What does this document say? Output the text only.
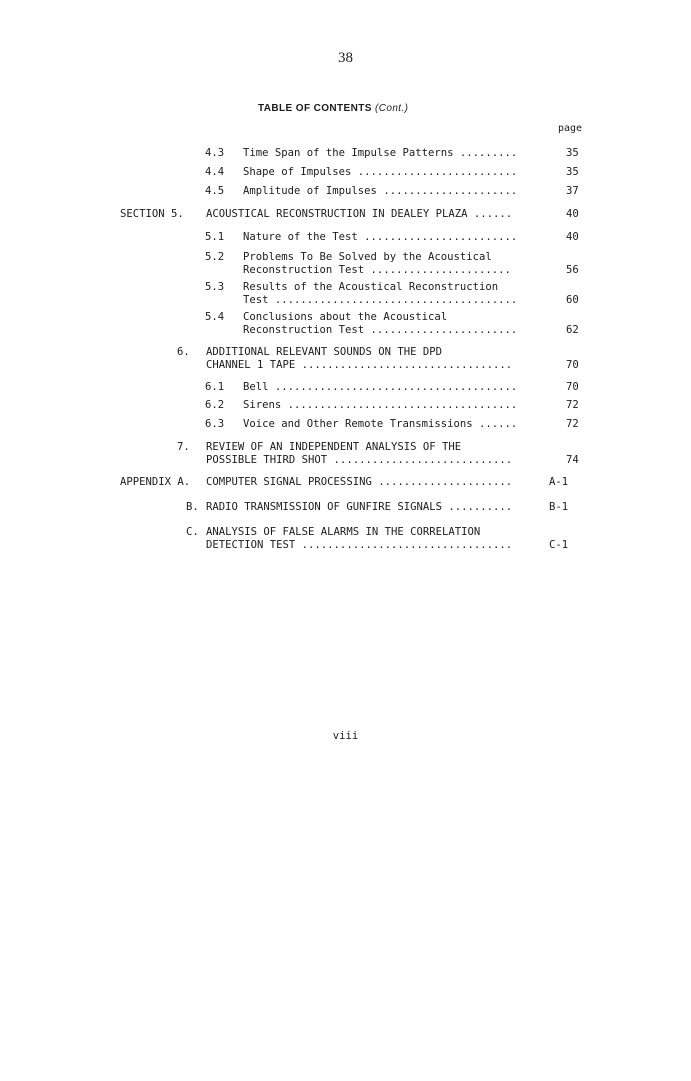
38
TABLE OF CONTENTS (Cont.)
page
4.3 Time Span of the Impulse Patterns .........	35
4.4 Shape of Impulses .........................	35
4.5 Amplitude of Impulses .....................	37
SECTION 5. ACOUSTICAL RECONSTRUCTION IN DEALEY PLAZA ......	40
5.1 Nature of the Test ........................	40
5.2 Problems To Be Solved by the Acoustical
Reconstruction Test ......................	56
5.3 Results of the Acoustical Reconstruction
Test ......................................	60
5.4 Conclusions about the Acoustical
Reconstruction Test .......................	62
6. ADDITIONAL RELEVANT SOUNDS ON THE DPD
CHANNEL 1 TAPE .................................	70
6.1 Bell ......................................	70
6.2 Sirens ....................................	72
6.3 Voice and Other Remote Transmissions ......	72
7. REVIEW OF AN INDEPENDENT ANALYSIS OF THE
POSSIBLE THIRD SHOT ............................	74
APPENDIX A. COMPUTER SIGNAL PROCESSING .....................	A-1
B. RADIO TRANSMISSION OF GUNFIRE SIGNALS ..........	B-1
C. ANALYSIS OF FALSE ALARMS IN THE CORRELATION
DETECTION TEST .................................	C-1
viii
